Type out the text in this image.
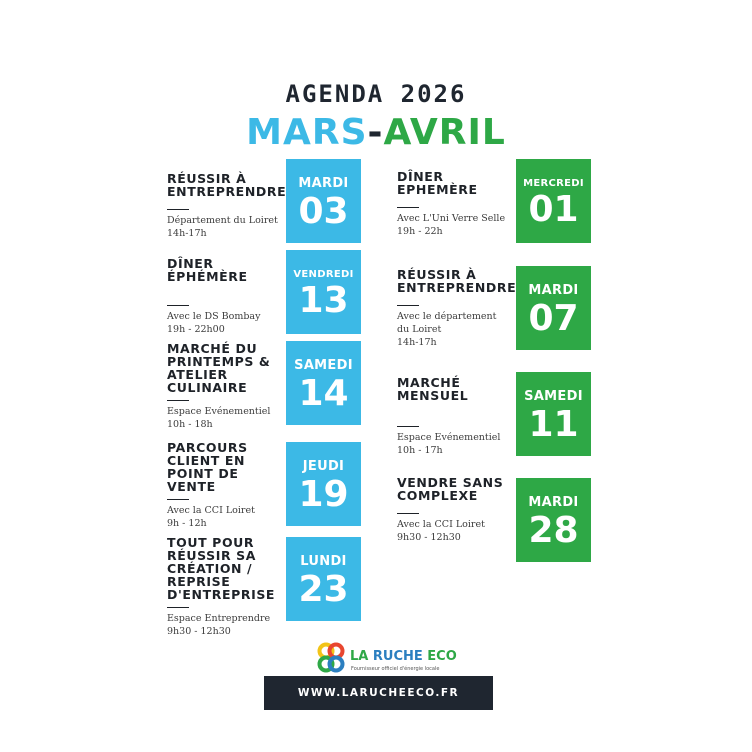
AGENDA 2026
MARS-AVRIL
RÉUSSIR À
ENTREPRENDRE
Département du Loiret
14h-17h
MARDI
03
DÎNER
ÉPHÉMÈRE
Avec le DS Bombay
19h - 22h00
VENDREDI
13
MARCHÉ DU
PRINTEMPS &
ATELIER
CULINAIRE
Espace Evénementiel
10h - 18h
SAMEDI
14
PARCOURS
CLIENT EN
POINT DE
VENTE
Avec la CCI Loiret
9h - 12h
JEUDI
19
TOUT POUR
RÉUSSIR SA
CRÉATION /
REPRISE
D'ENTREPRISE
Espace Entreprendre
9h30 - 12h30
LUNDI
23
DÎNER
EPHEMÈRE
Avec L'Uni Verre Selle
19h - 22h
MERCREDI
01
RÉUSSIR À
ENTREPRENDRE
Avec le département
du Loiret
14h-17h
MARDI
07
MARCHÉ
MENSUEL
Espace Evénementiel
10h - 17h
SAMEDI
11
VENDRE SANS
COMPLEXE
Avec la CCI Loiret
9h30 - 12h30
MARDI
28
LA RUCHE ECO
Fournisseur officiel d'énergie locale
WWW.LARUCHEECO.FR
